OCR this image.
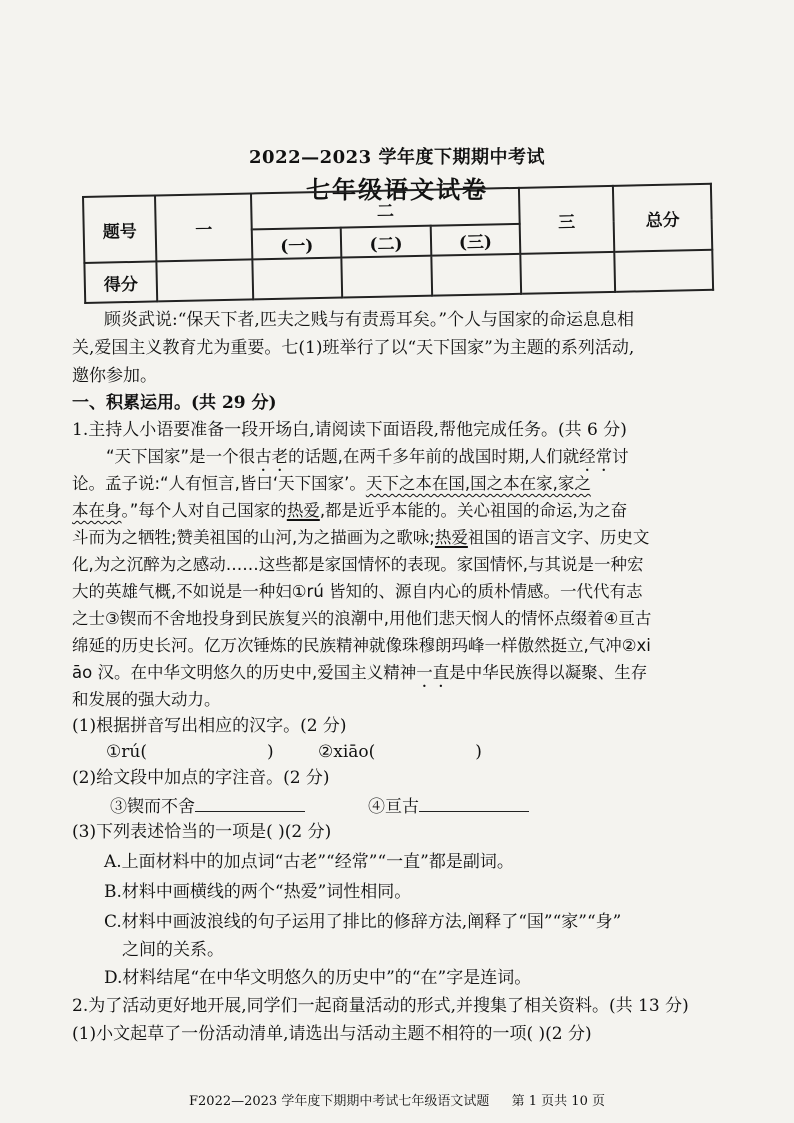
2022—2023 学年度下期期中考试
七年级语文试卷
题号	一	二			三	总分
		(一)	(二)	(三)		
得分						
顾炎武说:“保天下者,匹夫之贱与有责焉耳矣。”个人与国家的命运息息相
关,爱国主义教育尤为重要。七(1)班举行了以“天下国家”为主题的系列活动,
邀你参加。
一、积累运用。(共 29 分)
1.主持人小语要准备一段开场白,请阅读下面语段,帮他完成任务。(共 6 分)
“天下国家”是一个很古老的话题,在两千多年前的战国时期,人们就经常讨
论。孟子说:“人有恒言,皆曰‘天下国家’。天下之本在国,国之本在家,家之
本在身。”每个人对自己国家的热爱,都是近乎本能的。关心祖国的命运,为之奋
斗而为之牺牲;赞美祖国的山河,为之描画为之歌咏;热爱祖国的语言文字、历史文
化,为之沉醉为之感动……这些都是家国情怀的表现。家国情怀,与其说是一种宏
大的英雄气概,不如说是一种妇①rú 皆知的、源自内心的质朴情感。一代代有志
之士③锲而不舍地投身到民族复兴的浪潮中,用他们悲天悯人的情怀点缀着④亘古
绵延的历史长河。亿万次锤炼的民族精神就像珠穆朗玛峰一样傲然挺立,气冲②xi
āo 汉。在中华文明悠久的历史中,爱国主义精神一直是中华民族得以凝聚、生存
和发展的强大动力。
(1)根据拼音写出相应的汉字。(2 分)
①rú(	)	②xiāo(	)
(2)给文段中加点的字注音。(2 分)
③锲而不舍	④亘古
(3)下列表述恰当的一项是( )(2 分)
A.上面材料中的加点词“古老”“经常”“一直”都是副词。
B.材料中画横线的两个“热爱”词性相同。
C.材料中画波浪线的句子运用了排比的修辞方法,阐释了“国”“家”“身”
之间的关系。
D.材料结尾“在中华文明悠久的历史中”的“在”字是连词。
2.为了活动更好地开展,同学们一起商量活动的形式,并搜集了相关资料。(共 13 分)
(1)小文起草了一份活动清单,请选出与活动主题不相符的一项( )(2 分)
F2022—2023 学年度下期期中考试七年级语文试题 第 1 页共 10 页
